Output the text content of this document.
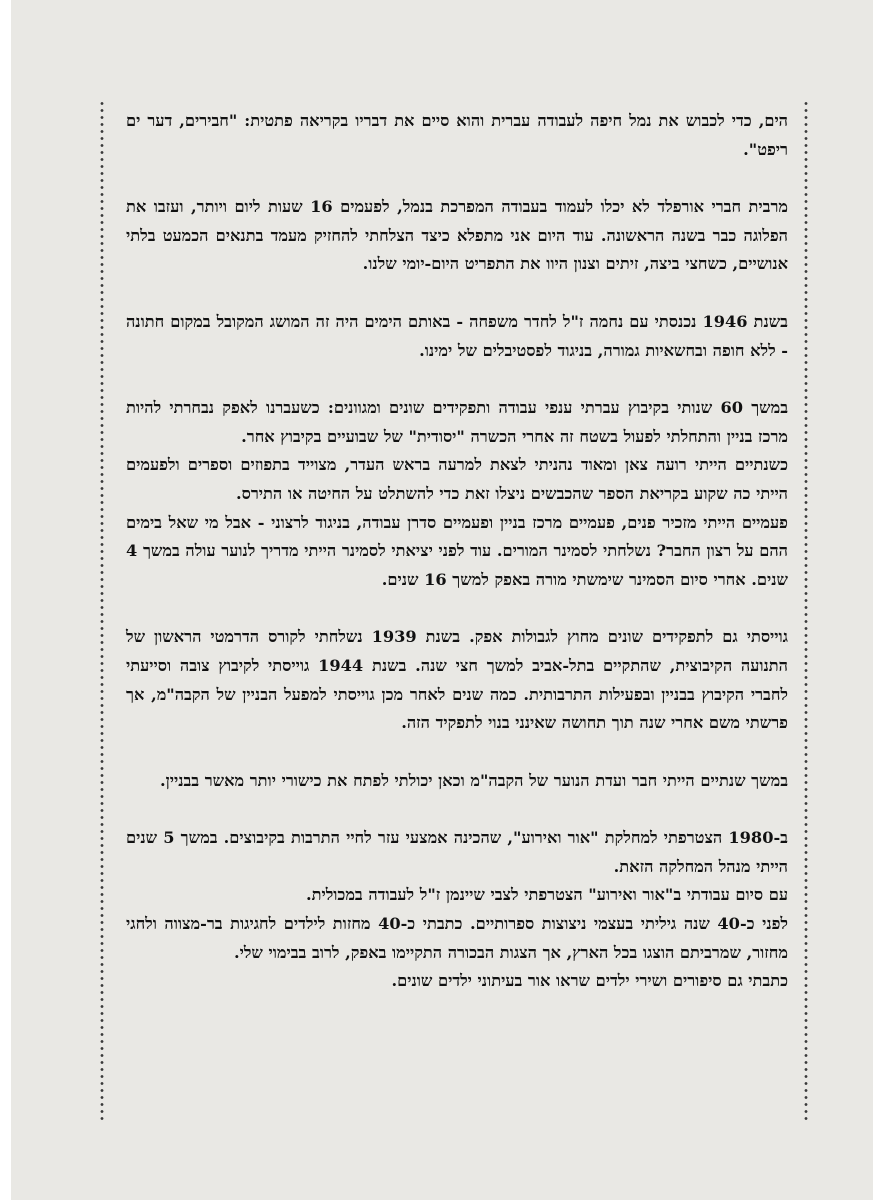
הים, כדי לכבוש את נמל חיפה לעבודה עברית והוא סיים את דבריו בקריאה פתטית: "חבירים, דער ים ריפט".

מרבית חברי אורפלד לא יכלו לעמוד בעבודה המפרכת בנמל, לפעמים 16 שעות ליום ויותר, ועזבו את הפלוגה כבר בשנה הראשונה. עוד היום אני מתפלא כיצד הצלחתי להחזיק מעמד בתנאים הכמעט בלתי אנושיים, כשחצי ביצה, זיתים וצנון היוו את התפריט היום-יומי שלנו.

בשנת 1946 נכנסתי עם נחמה ז"ל לחדר משפחה - באותם הימים היה זה המושג המקובל במקום חתונה - ללא חופה ובחשאיות גמורה, בניגוד לפסטיבלים של ימינו.

במשך 60 שנותי בקיבוץ עברתי ענפי עבודה ותפקידים שונים ומגוונים: כשעברנו לאפק נבחרתי להיות מרכז בניין והתחלתי לפעול בשטח זה אחרי הכשרה "יסודית" של שבועיים בקיבוץ אחר.

כשנתיים הייתי רועה צאן ומאוד נהניתי לצאת למרעה בראש העדר, מצוייד בתפוזים וספרים ולפעמים הייתי כה שקוע בקריאת הספר שהכבשים ניצלו זאת כדי להשתלט על החיטה או התירס.

פעמיים הייתי מזכיר פנים, פעמיים מרכז בניין ופעמיים סדרן עבודה, בניגוד לרצוני - אבל מי שאל בימים ההם על רצון החבר? נשלחתי לסמינר המורים. עוד לפני יציאתי לסמינר הייתי מדריך לנוער עולה במשך 4 שנים. אחרי סיום הסמינר שימשתי מורה באפק למשך 16 שנים.

גוייסתי גם לתפקידים שונים מחוץ לגבולות אפק. בשנת 1939 נשלחתי לקורס הדרמטי הראשון של התנועה הקיבוצית, שהתקיים בתל-אביב למשך חצי שנה. בשנת 1944 גוייסתי לקיבוץ צובה וסייעתי לחברי הקיבוץ בבניין ובפעילות התרבותית. כמה שנים לאחר מכן גוייסתי למפעל הבניין של הקבה"מ, אך פרשתי משם אחרי שנה תוך תחושה שאינני בנוי לתפקיד הזה.

במשך שנתיים הייתי חבר ועדת הנוער של הקבה"מ וכאן יכולתי לפתח את כישורי יותר מאשר בבניין.

ב-1980 הצטרפתי למחלקת "אור ואירוע", שהכינה אמצעי עזר לחיי התרבות בקיבוצים. במשך 5 שנים הייתי מנהל המחלקה הזאת.

עם סיום עבודתי ב"אור ואירוע" הצטרפתי לצבי שיינמן ז"ל לעבודה במכולית.

לפני כ-40 שנה גיליתי בעצמי ניצוצות ספרותיים. כתבתי כ-40 מחזות לילדים לחגיגות בר-מצווה ולחגי מחזור, שמרביתם הוצגו בכל הארץ, אך הצגות הבכורה התקיימו באפק, לרוב בבימוי שלי.

כתבתי גם סיפורים ושירי ילדים שראו אור בעיתוני ילדים שונים.
